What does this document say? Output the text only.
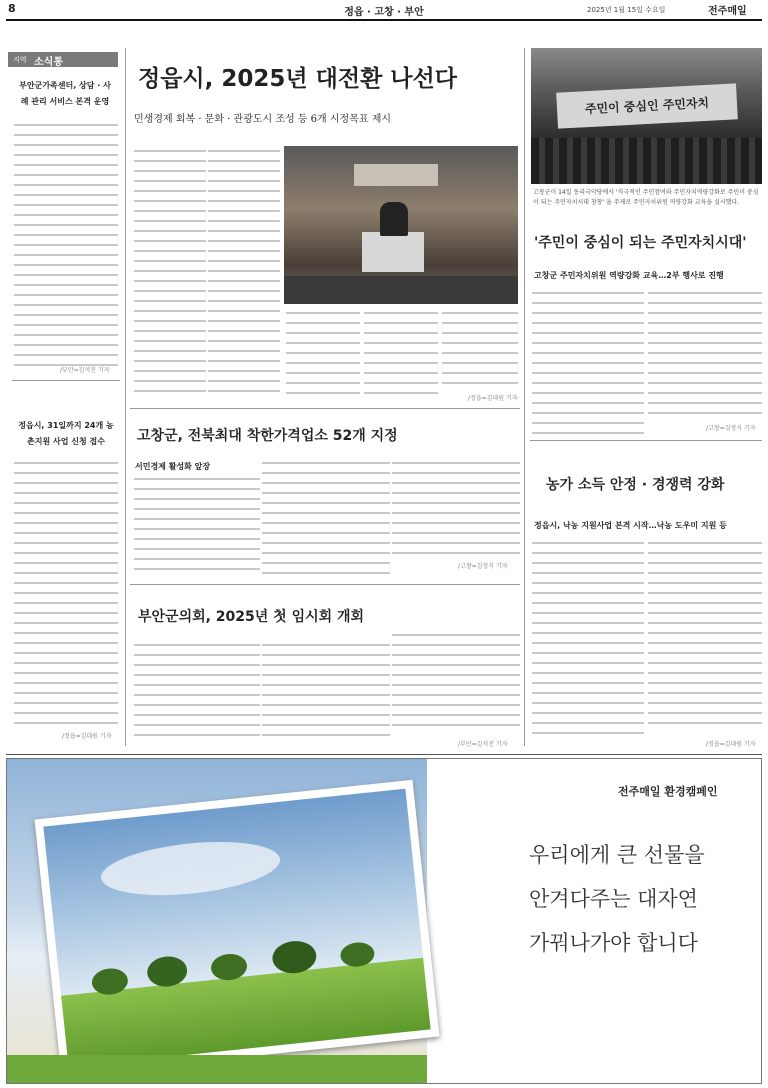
8	정읍 · 고창 · 부안	2025년 1월 15일 수요일	전주매일
지역 소식통
부안군가족센터, 상담 · 사례 관리 서비스 본격 운영
/부안=김석진 기자
정읍시, 31일까지 24개 농촌지원 사업 신청 접수
/정읍=김대원 기자
정읍시, 2025년 대전환 나선다
민생경제 회복 · 문화 · 관광도시 조성 등 6개 시정목표 제시
/정읍=김대원 기자
고창군, 전북최대 착한가격업소 52개 지정
서민경제 활성화 앞장
/고창=김정식 기자
부안군의회, 2025년 첫 임시회 개회
/부안=김석진 기자
주민이 중심인 주민자치
고창군이 14일 동리국악당에서 '직극적인 주민참여와 주민자치역량강화로 주민이 중심이 되는 주민자치시대 창창' 을 주제로 주민자치위원 역량강화 교육을 실시했다.
'주민이 중심이 되는 주민자치시대'
고창군 주민자치위원 역량강화 교육…2부 행사로 진행
/고창=김정식 기자
농가 소득 안정 · 경쟁력 강화
정읍시, 낙농 지원사업 본격 시작…낙농 도우미 지원 등
/정읍=김대원 기자
전주매일 환경캠페인
우리에게 큰 선물을
안겨다주는 대자연
가꿔나가야 합니다
